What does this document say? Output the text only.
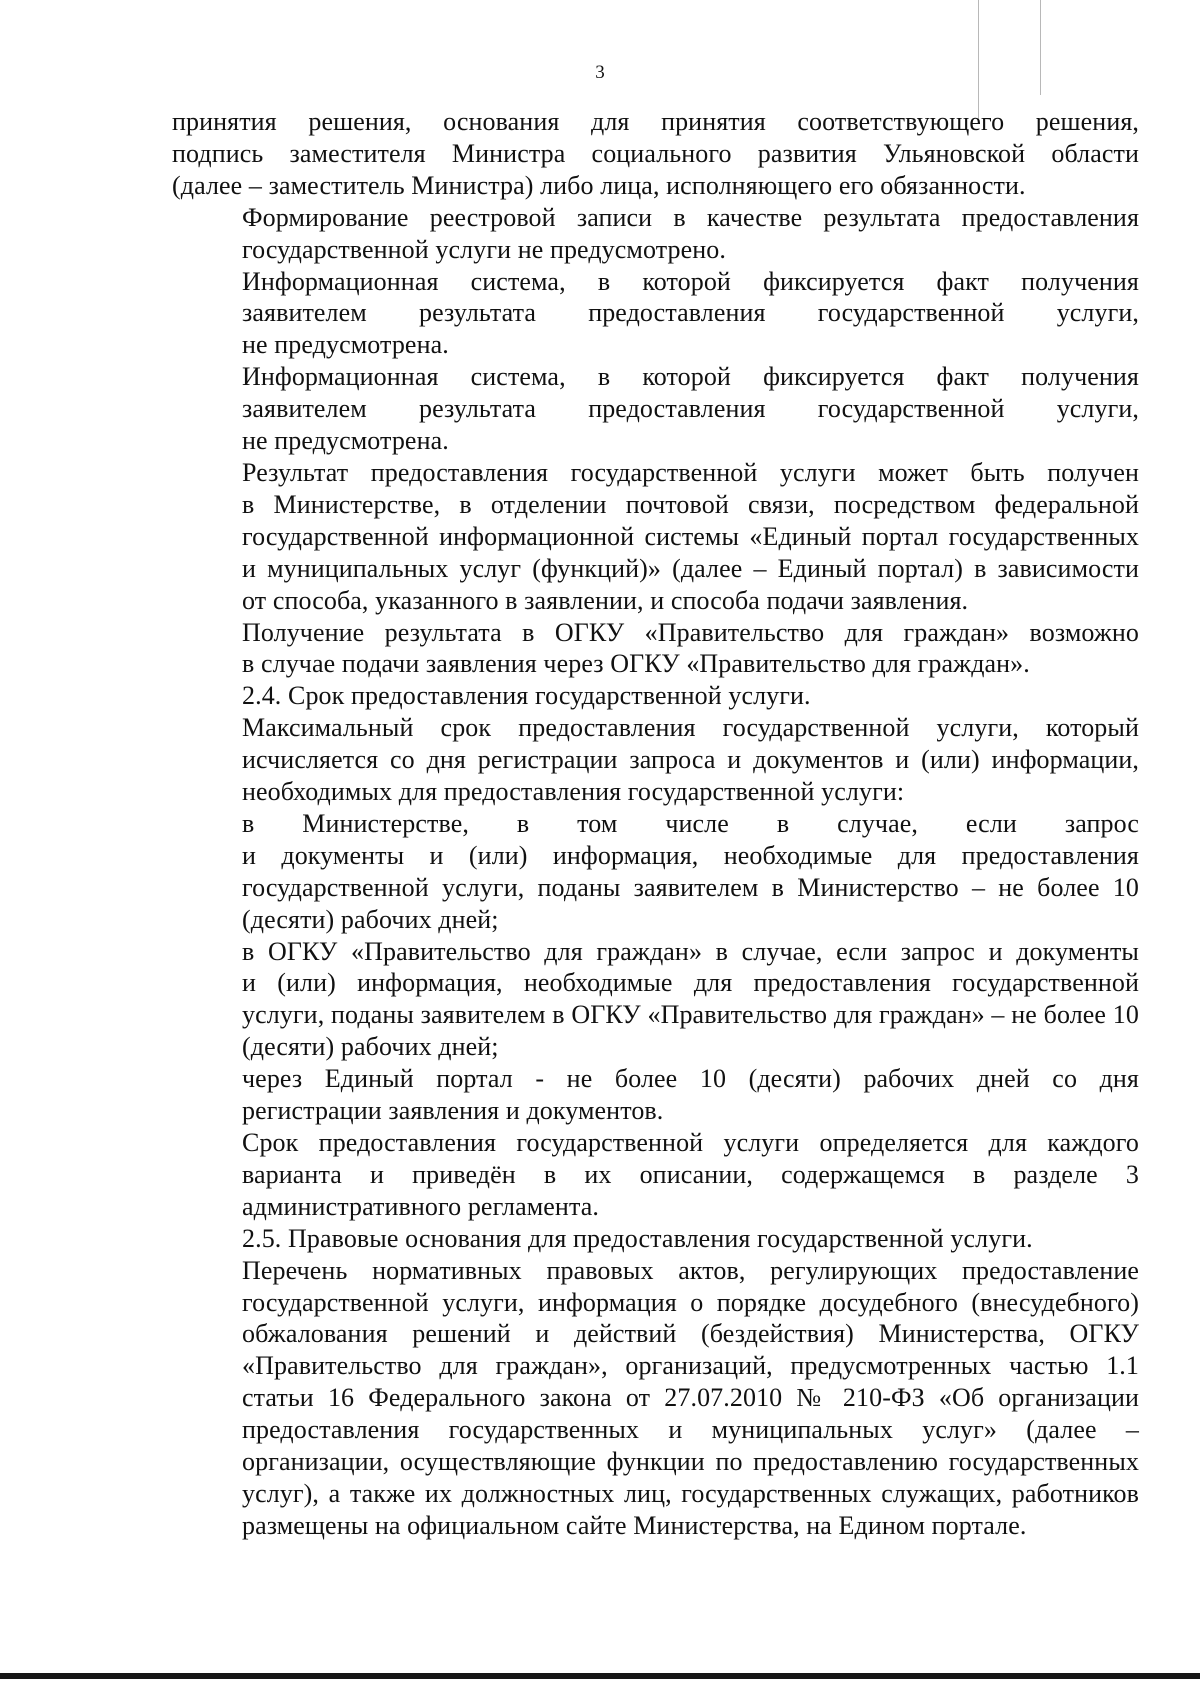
3

принятия решения, основания для принятия соответствующего решения,
подпись заместителя Министра социального развития Ульяновской области
(далее – заместитель Министра) либо лица, исполняющего его обязанности.

Формирование реестровой записи в качестве результата предоставления
государственной услуги не предусмотрено.

Информационная система, в которой фиксируется факт получения
заявителем результата предоставления государственной услуги,
не предусмотрена.

Информационная система, в которой фиксируется факт получения
заявителем результата предоставления государственной услуги,
не предусмотрена.

Результат предоставления государственной услуги может быть получен
в Министерстве, в отделении почтовой связи, посредством федеральной
государственной информационной системы «Единый портал государственных
и муниципальных услуг (функций)» (далее – Единый портал) в зависимости
от способа, указанного в заявлении, и способа подачи заявления.

Получение результата в ОГКУ «Правительство для граждан» возможно
в случае подачи заявления через ОГКУ «Правительство для граждан».

2.4. Срок предоставления государственной услуги.

Максимальный срок предоставления государственной услуги, который
исчисляется со дня регистрации запроса и документов и (или) информации,
необходимых для предоставления государственной услуги:

в Министерстве, в том числе в случае, если запрос
и документы и (или) информация, необходимые для предоставления
государственной услуги, поданы заявителем в Министерство – не более 10
(десяти) рабочих дней;

в ОГКУ «Правительство для граждан» в случае, если запрос и документы
и (или) информация, необходимые для предоставления государственной
услуги, поданы заявителем в ОГКУ «Правительство для граждан» – не более 10
(десяти) рабочих дней;

через Единый портал - не более 10 (десяти) рабочих дней со дня
регистрации заявления и документов.

Срок предоставления государственной услуги определяется для каждого
варианта и приведён в их описании, содержащемся в разделе 3
административного регламента.

2.5. Правовые основания для предоставления государственной услуги.

Перечень нормативных правовых актов, регулирующих предоставление
государственной услуги, информация о порядке досудебного (внесудебного)
обжалования решений и действий (бездействия) Министерства, ОГКУ
«Правительство для граждан», организаций, предусмотренных частью 1.1
статьи 16 Федерального закона от 27.07.2010 № 210-ФЗ «Об организации
предоставления государственных и муниципальных услуг» (далее –
организации, осуществляющие функции по предоставлению государственных
услуг), а также их должностных лиц, государственных служащих, работников
размещены на официальном сайте Министерства, на Едином портале.
